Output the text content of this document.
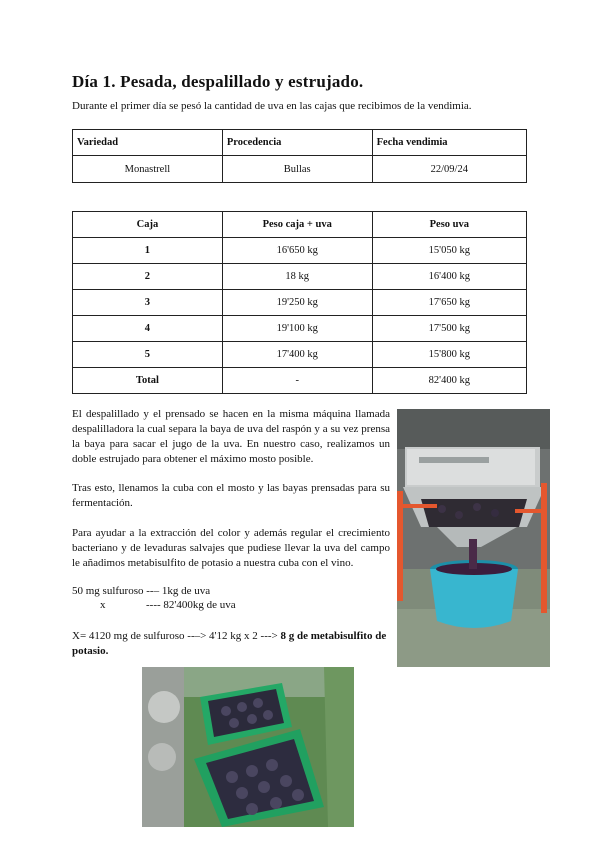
Día 1. Pesada, despalillado y estrujado.

Durante el primer día se pesó la cantidad de uva en las cajas que recibimos de la vendimia.

Variedad	Procedencia	Fecha vendimia
Monastrell	Bullas	22/09/24
Caja	Peso caja + uva	Peso uva
1	16'650 kg	15'050 kg
2	18 kg	16'400 kg
3	19'250 kg	17'650 kg
4	19'100 kg	17'500 kg
5	17'400 kg	15'800 kg
Total	-	82'400 kg

El despalillado y el prensado se hacen en la misma máquina llamada despalilladora la cual separa la baya de uva del raspón y a su vez prensa la baya para sacar el jugo de la uva. En nuestro caso, realizamos un doble estrujado para obtener el máximo mosto posible.

Tras esto, llenamos la cuba con el mosto y las bayas prensadas para su fermentación.

Para ayudar a la extracción del color y además regular el crecimiento bacteriano y de levaduras salvajes que pudiese llevar la uva del campo le añadimos metabisulfito de potasio a nuestra cuba con el vino.

50 mg sulfuroso --– 1kg de uva

x	---- 82'400kg de uva

X= 4120 mg de sulfuroso --–> 4'12 kg x 2 ---> 8 g de metabisulfito de potasio.
